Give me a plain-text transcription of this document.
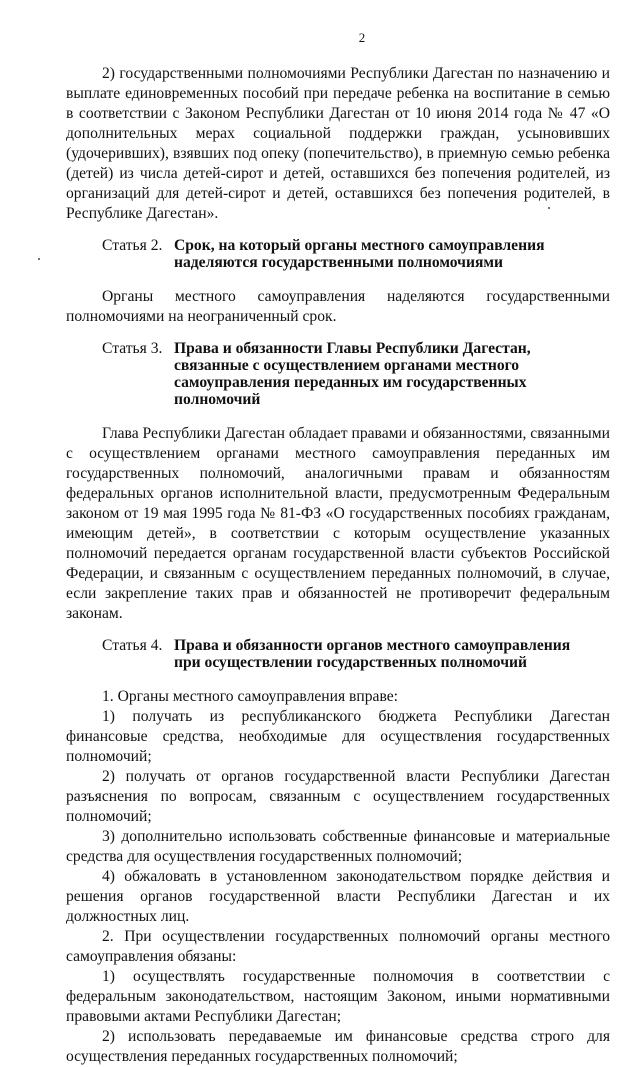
2

2) государственными полномочиями Республики Дагестан по назначению и выплате единовременных пособий при передаче ребенка на воспитание в семью в соответствии с Законом Республики Дагестан от 10 июня 2014 года № 47 «О дополнительных мерах социальной поддержки граждан, усыновивших (удочеривших), взявших под опеку (попечительство), в приемную семью ребенка (детей) из числа детей-сирот и детей, оставшихся без попечения родителей, из организаций для детей-сирот и детей, оставшихся без попечения родителей, в Республике Дагестан».

Статья 2. Срок, на который органы местного самоуправления
наделяются государственными полномочиями

Органы местного самоуправления наделяются государственными полномочиями на неограниченный срок.

Статья 3. Права и обязанности Главы Республики Дагестан,
связанные с осуществлением органами местного
самоуправления переданных им государственных полномочий

Глава Республики Дагестан обладает правами и обязанностями, связанными с осуществлением органами местного самоуправления переданных им государственных полномочий, аналогичными правам и обязанностям федеральных органов исполнительной власти, предусмотренным Федеральным законом от 19 мая 1995 года № 81-ФЗ «О государственных пособиях гражданам, имеющим детей», в соответствии с которым осуществление указанных полномочий передается органам государственной власти субъектов Российской Федерации, и связанным с осуществлением переданных полномочий, в случае, если закрепление таких прав и обязанностей не противоречит федеральным законам.

Статья 4. Права и обязанности органов местного самоуправления
при осуществлении государственных полномочий

1. Органы местного самоуправления вправе:

1) получать из республиканского бюджета Республики Дагестан финансовые средства, необходимые для осуществления государственных полномочий;

2) получать от органов государственной власти Республики Дагестан разъяснения по вопросам, связанным с осуществлением государственных полномочий;

3) дополнительно использовать собственные финансовые и материальные средства для осуществления государственных полномочий;

4) обжаловать в установленном законодательством порядке действия и решения органов государственной власти Республики Дагестан и их должностных лиц.

2. При осуществлении государственных полномочий органы местного самоуправления обязаны:

1) осуществлять государственные полномочия в соответствии с федеральным законодательством, настоящим Законом, иными нормативными правовыми актами Республики Дагестан;

2) использовать передаваемые им финансовые средства строго для осуществления переданных государственных полномочий;
